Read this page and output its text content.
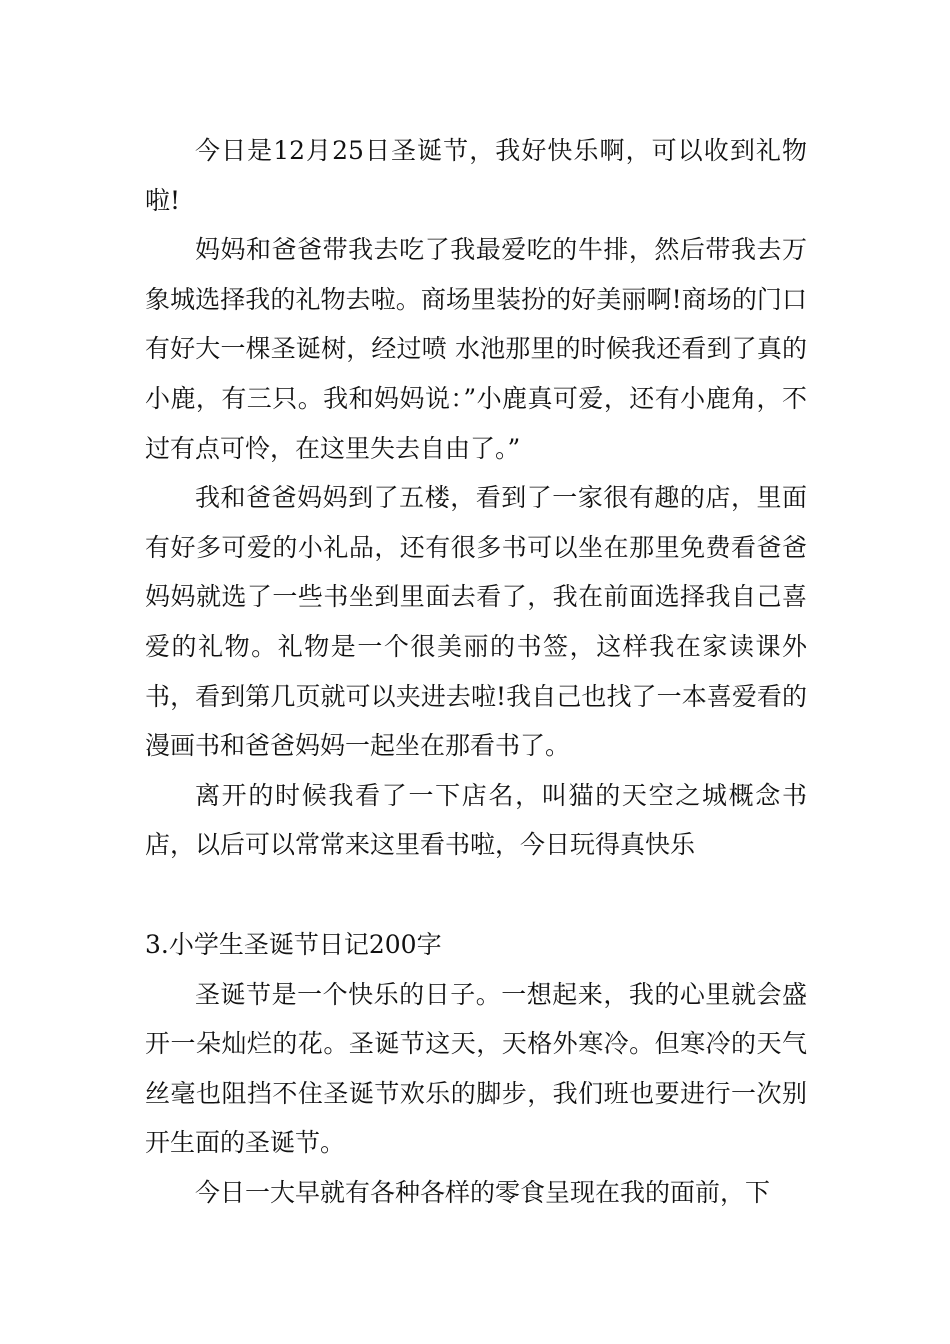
今日是12月25日圣诞节，我好快乐啊，可以收到礼物啦!

妈妈和爸爸带我去吃了我最爱吃的牛排，然后带我去万象城选择我的礼物去啦。商场里装扮的好美丽啊!商场的门口有好大一棵圣诞树，经过喷 水池那里的时候我还看到了真的小鹿，有三只。我和妈妈说：”小鹿真可爱，还有小鹿角，不过有点可怜，在这里失去自由了。”

我和爸爸妈妈到了五楼，看到了一家很有趣的店，里面有好多可爱的小礼品，还有很多书可以坐在那里免费看爸爸妈妈就选了一些书坐到里面去看了，我在前面选择我自己喜爱的礼物。礼物是一个很美丽的书签，这样我在家读课外书，看到第几页就可以夹进去啦!我自己也找了一本喜爱看的漫画书和爸爸妈妈一起坐在那看书了。

离开的时候我看了一下店名，叫猫的天空之城概念书店，以后可以常常来这里看书啦，今日玩得真快乐

3.小学生圣诞节日记200字

圣诞节是一个快乐的日子。一想起来，我的心里就会盛开一朵灿烂的花。圣诞节这天，天格外寒冷。但寒冷的天气丝毫也阻挡不住圣诞节欢乐的脚步，我们班也要进行一次别开生面的圣诞节。

今日一大早就有各种各样的零食呈现在我的面前，下
